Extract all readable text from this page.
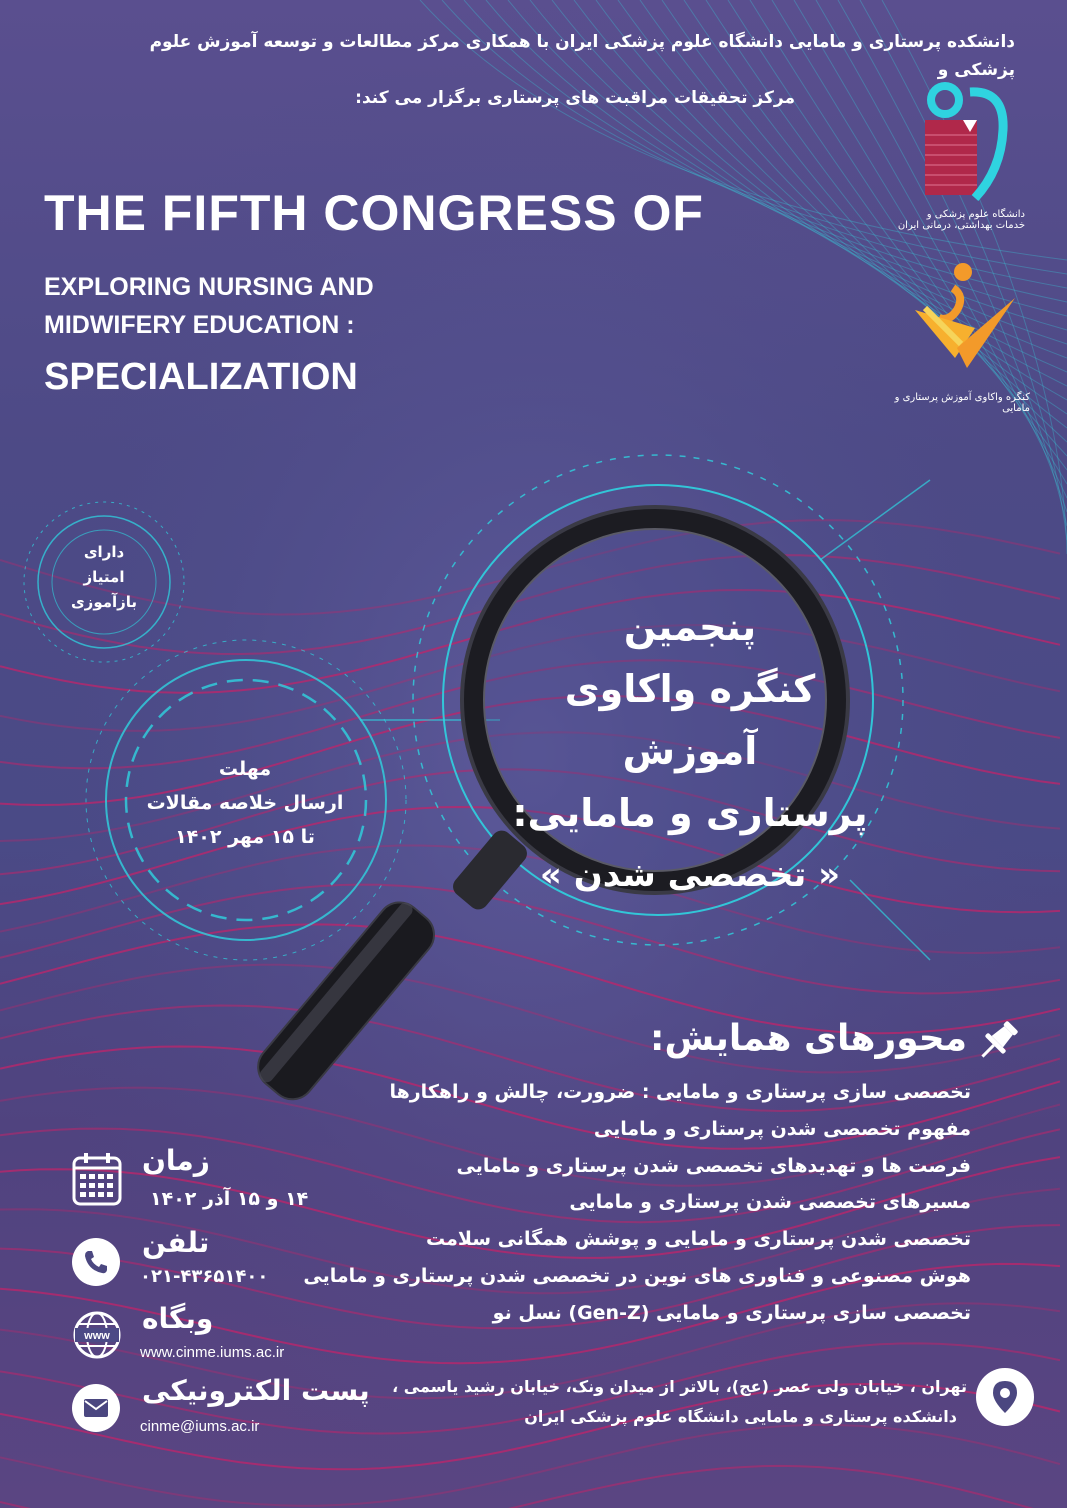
دانشکده پرستاری و مامایی دانشگاه علوم پزشکی ایران با همکاری مرکز مطالعات و توسعه آموزش علوم پزشکی و
مرکز تحقیقات مراقبت های پرستاری برگزار می کند:
دانشگاه علوم پزشکی و خدمات بهداشتی، درمانی ایران
کنگره واکاوی آموزش پرستاری و مامایی
THE FIFTH CONGRESS OF
EXPLORING NURSING AND
MIDWIFERY EDUCATION :
SPECIALIZATION
دارای
امتیاز بازآموزی
مهلت
ارسال خلاصه مقالات
تا ۱۵ مهر ۱۴۰۲
پنجمین
کنگره واکاوی آموزش
پرستاری و مامایی:
« تخصصی شدن »
محورهای همایش:
تخصصی سازی پرستاری و مامایی : ضرورت، چالش و راهکارها
مفهوم تخصصی شدن پرستاری و مامایی
فرصت ها و تهدیدهای تخصصی شدن پرستاری و مامایی
مسیرهای تخصصی شدن پرستاری و مامایی
تخصصی شدن پرستاری و مامایی و پوشش همگانی سلامت
هوش مصنوعی و فناوری های نوین در تخصصی شدن پرستاری و مامایی
تخصصی سازی پرستاری و مامایی (Gen-Z) نسل نو
زمان
۱۴ و ۱۵ آذر ۱۴۰۲
تلفن
۰۲۱-۴۳۶۵۱۴۰۰
www
وبگاه
www.cinme.iums.ac.ir
پست الکترونیکی
cinme@iums.ac.ir
تهران ، خیابان ولی عصر (عج)، بالاتر از میدان ونک، خیابان رشید یاسمی ،
دانشکده پرستاری و مامایی دانشگاه علوم پزشکی ایران
